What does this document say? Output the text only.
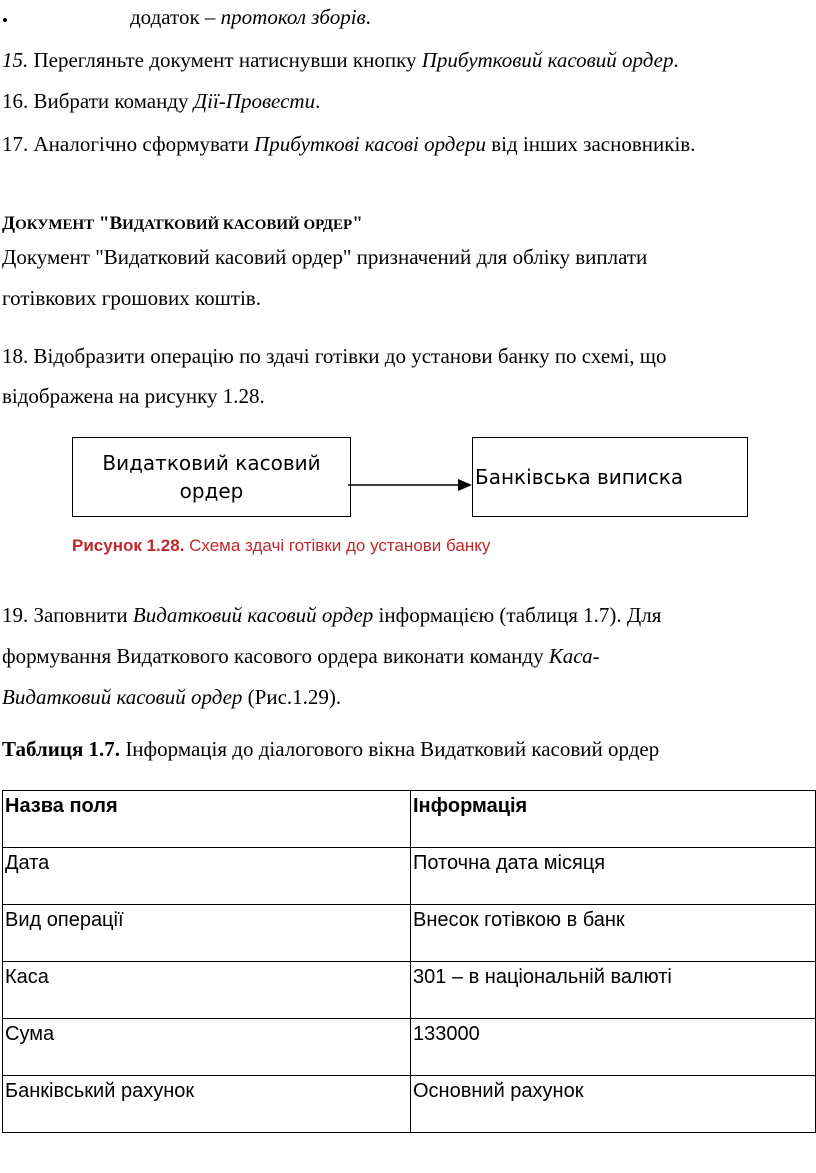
•	додаток – протокол зборів.
15. Перегляньте документ натиснувши кнопку Прибутковий касовий ордер.
16. Вибрати команду Дії-Провести.
17. Аналогічно сформувати Прибуткові касові ордери від інших засновників.
ДОКУМЕНТ "ВИДАТКОВИЙ КАСОВИЙ ОРДЕР"
Документ "Видатковий касовий ордер" призначений для обліку виплати
готівкових грошових коштів.
18. Відобразити операцію по здачі готівки до установи банку по схемі, що
відображена на рисунку 1.28.
Видатковий касовий ордер
Банківська виписка
Рисунок 1.28. Схема здачі готівки до установи банку
19. Заповнити Видатковий касовий ордер інформацією (таблиця 1.7). Для
формування Видаткового касового ордера виконати команду Каса-
Видатковий касовий ордер (Рис.1.29).
Таблиця 1.7. Інформація до діалогового вікна Видатковий касовий ордер
Назва поля	Інформація
Дата	Поточна дата місяця
Вид операції	Внесок готівкою в банк
Каса	301 – в національній валюті
Сума	133000
Банківський рахунок	Основний рахунок
